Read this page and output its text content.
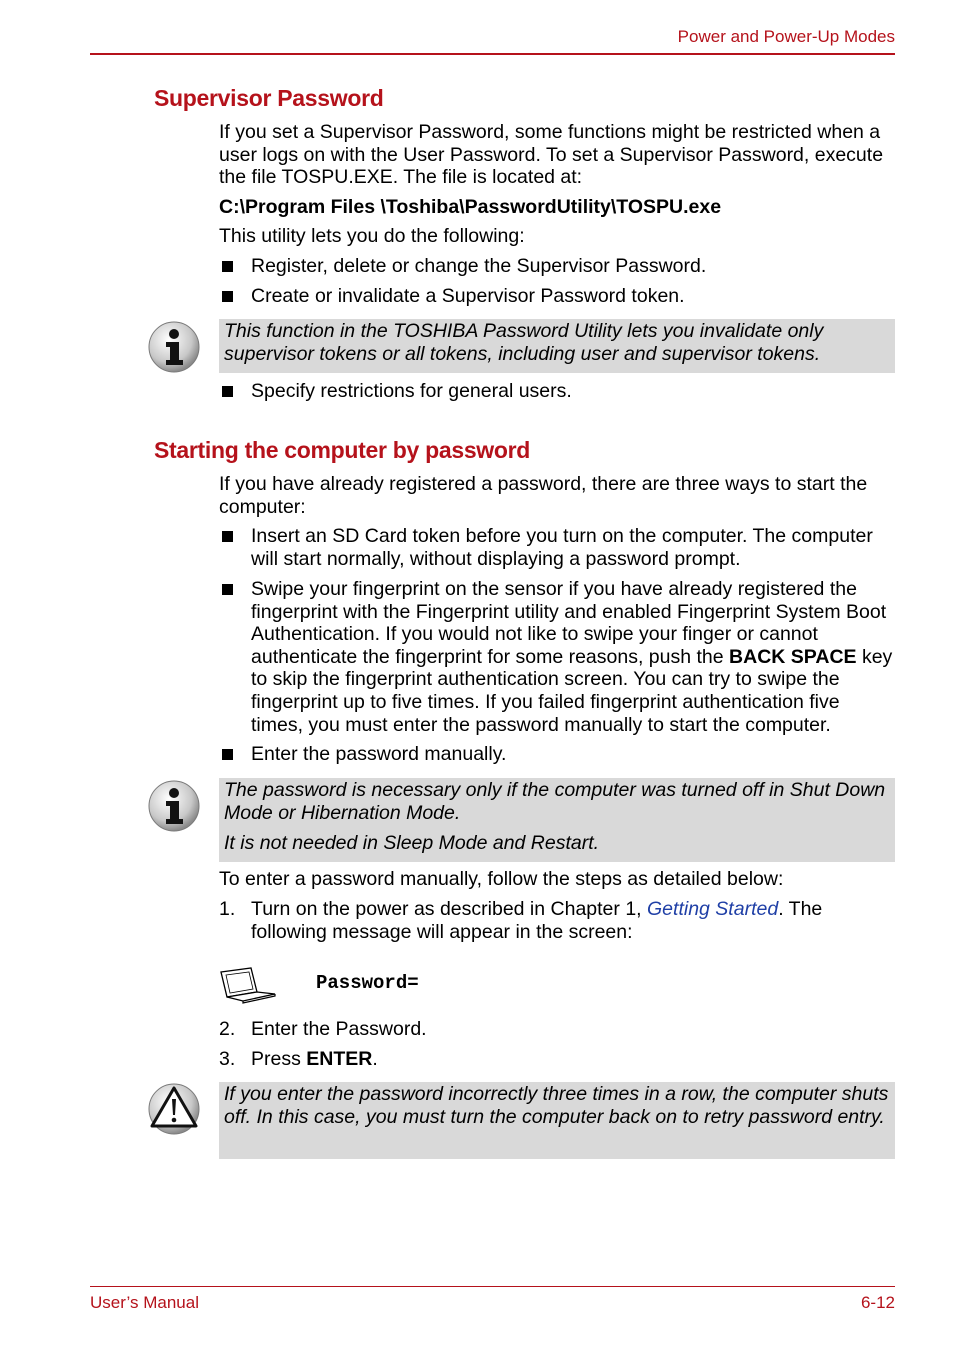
Power and Power-Up Modes
Supervisor Password
If you set a Supervisor Password, some functions might be restricted when a user logs on with the User Password. To set a Supervisor Password, execute the file TOSPU.EXE. The file is located at:
C:\Program Files \Toshiba\PasswordUtility\TOSPU.exe
This utility lets you do the following:
Register, delete or change the Supervisor Password.
Create or invalidate a Supervisor Password token.
This function in the TOSHIBA Password Utility lets you invalidate only supervisor tokens or all tokens, including user and supervisor tokens.
Specify restrictions for general users.
Starting the computer by password
If you have already registered a password, there are three ways to start the computer:
Insert an SD Card token before you turn on the computer. The computer will start normally, without displaying a password prompt.
Swipe your fingerprint on the sensor if you have already registered the fingerprint with the Fingerprint utility and enabled Fingerprint System Boot Authentication. If you would not like to swipe your finger or cannot authenticate the fingerprint for some reasons, push the BACK SPACE key to skip the fingerprint authentication screen. You can try to swipe the fingerprint up to five times. If you failed fingerprint authentication five times, you must enter the password manually to start the computer.
Enter the password manually.
The password is necessary only if the computer was turned off in Shut Down Mode or Hibernation Mode.
It is not needed in Sleep Mode and Restart.
To enter a password manually, follow the steps as detailed below:
1. Turn on the power as described in Chapter 1, Getting Started. The following message will appear in the screen:
Password=
2. Enter the Password.
3. Press ENTER.
If you enter the password incorrectly three times in a row, the computer shuts off. In this case, you must turn the computer back on to retry password entry.
User’s Manual	6-12
